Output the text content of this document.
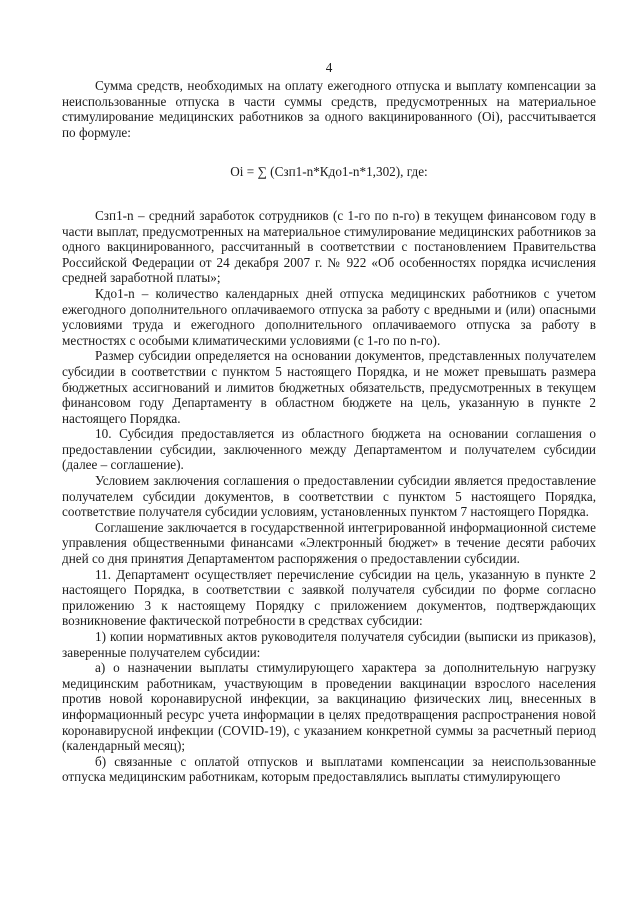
4

Сумма средств, необходимых на оплату ежегодного отпуска и выплату компенсации за неиспользованные отпуска в части суммы средств, предусмотренных на материальное стимулирование медицинских работников за одного вакцинированного (Oi), рассчитывается по формуле:

Oi = ∑ (Сзп1-n*Кдо1-n*1,302), где:

Сзп1-n – средний заработок сотрудников (с 1-го по n-го) в текущем финансовом году в части выплат, предусмотренных на материальное стимулирование медицинских работников за одного вакцинированного, рассчитанный в соответствии с постановлением Правительства Российской Федерации от 24 декабря 2007 г. № 922 «Об особенностях порядка исчисления средней заработной платы»;

Кдо1-n – количество календарных дней отпуска медицинских работников с учетом ежегодного дополнительного оплачиваемого отпуска за работу с вредными и (или) опасными условиями труда и ежегодного дополнительного оплачиваемого отпуска за работу в местностях с особыми климатическими условиями (с 1-го по n-го).

Размер субсидии определяется на основании документов, представленных получателем субсидии в соответствии с пунктом 5 настоящего Порядка, и не может превышать размера бюджетных ассигнований и лимитов бюджетных обязательств, предусмотренных в текущем финансовом году Департаменту в областном бюджете на цель, указанную в пункте 2 настоящего Порядка.

10. Субсидия предоставляется из областного бюджета на основании соглашения о предоставлении субсидии, заключенного между Департаментом и получателем субсидии (далее – соглашение).

Условием заключения соглашения о предоставлении субсидии является предоставление получателем субсидии документов, в соответствии с пунктом 5 настоящего Порядка, соответствие получателя субсидии условиям, установленных пунктом 7 настоящего Порядка.

Соглашение заключается в государственной интегрированной информационной системе управления общественными финансами «Электронный бюджет» в течение десяти рабочих дней со дня принятия Департаментом распоряжения о предоставлении субсидии.

11. Департамент осуществляет перечисление субсидии на цель, указанную в пункте 2 настоящего Порядка, в соответствии с заявкой получателя субсидии по форме согласно приложению 3 к настоящему Порядку с приложением документов, подтверждающих возникновение фактической потребности в средствах субсидии:

1) копии нормативных актов руководителя получателя субсидии (выписки из приказов), заверенные получателем субсидии:

а) о назначении выплаты стимулирующего характера за дополнительную нагрузку медицинским работникам, участвующим в проведении вакцинации взрослого населения против новой коронавирусной инфекции, за вакцинацию физических лиц, внесенных в информационный ресурс учета информации в целях предотвращения распространения новой коронавирусной инфекции (COVID-19), с указанием конкретной суммы за расчетный период (календарный месяц);

б) связанные с оплатой отпусков и выплатами компенсации за неиспользованные отпуска медицинским работникам, которым предоставлялись выплаты стимулирующего
